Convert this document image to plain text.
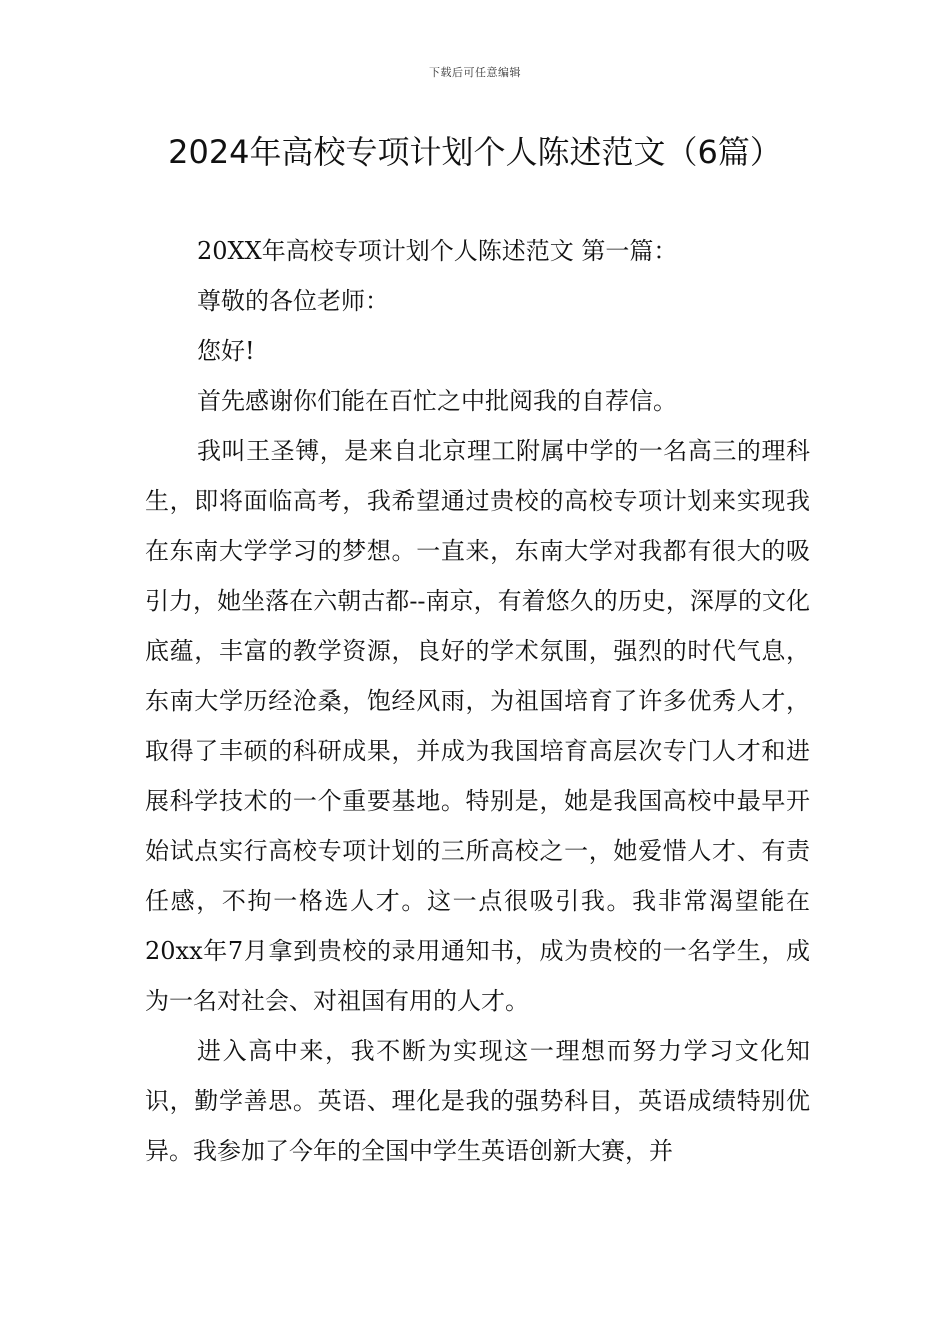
下载后可任意编辑
2024年高校专项计划个人陈述范文（6篇）

20XX年高校专项计划个人陈述范文 第一篇：

尊敬的各位老师：

您好!

首先感谢你们能在百忙之中批阅我的自荐信。

我叫王圣镈，是来自北京理工附属中学的一名高三的理科生，即将面临高考，我希望通过贵校的高校专项计划来实现我在东南大学学习的梦想。一直来，东南大学对我都有很大的吸引力，她坐落在六朝古都--南京，有着悠久的历史，深厚的文化底蕴，丰富的教学资源，良好的学术氛围，强烈的时代气息，东南大学历经沧桑，饱经风雨，为祖国培育了许多优秀人才，取得了丰硕的科研成果，并成为我国培育高层次专门人才和进展科学技术的一个重要基地。特别是，她是我国高校中最早开始试点实行高校专项计划的三所高校之一，她爱惜人才、有责任感，不拘一格选人才。这一点很吸引我。我非常渴望能在20xx年7月拿到贵校的录用通知书，成为贵校的一名学生，成为一名对社会、对祖国有用的人才。

进入高中来，我不断为实现这一理想而努力学习文化知识，勤学善思。英语、理化是我的强势科目，英语成绩特别优异。我参加了今年的全国中学生英语创新大赛，并
